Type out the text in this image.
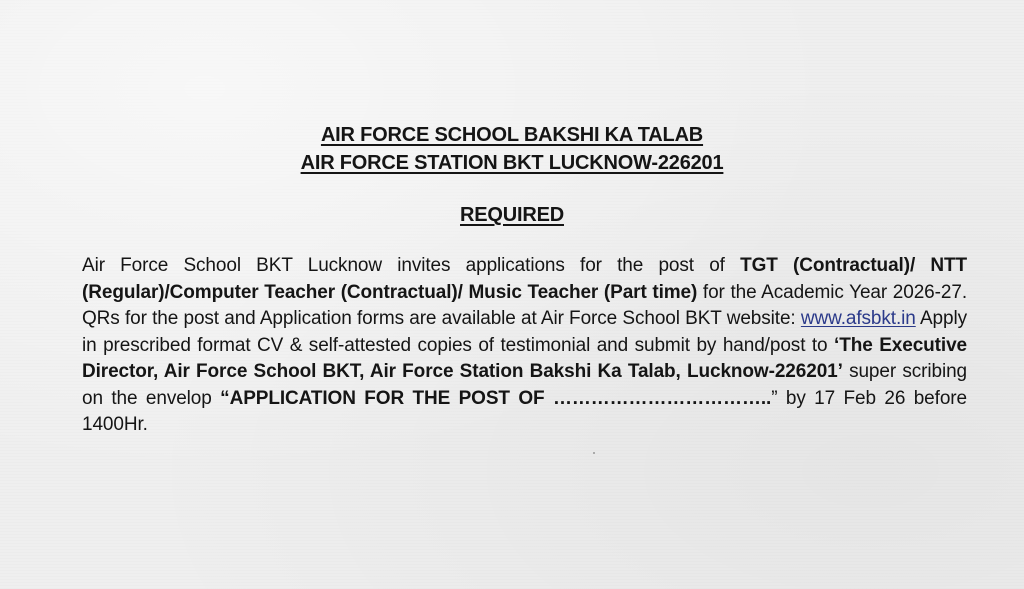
AIR FORCE SCHOOL BAKSHI KA TALAB
AIR FORCE STATION BKT LUCKNOW-226201
REQUIRED
Air Force School BKT Lucknow invites applications for the post of TGT (Contractual)/ NTT (Regular)/Computer Teacher (Contractual)/ Music Teacher (Part time) for the Academic Year 2026-27. QRs for the post and Application forms are available at Air Force School BKT website: www.afsbkt.in Apply in prescribed format CV & self-attested copies of testimonial and submit by hand/post to ‘The Executive Director, Air Force School BKT, Air Force Station Bakshi Ka Talab, Lucknow-226201’ super scribing on the envelop “APPLICATION FOR THE POST OF ……………………………..” by 17 Feb 26 before 1400Hr.
